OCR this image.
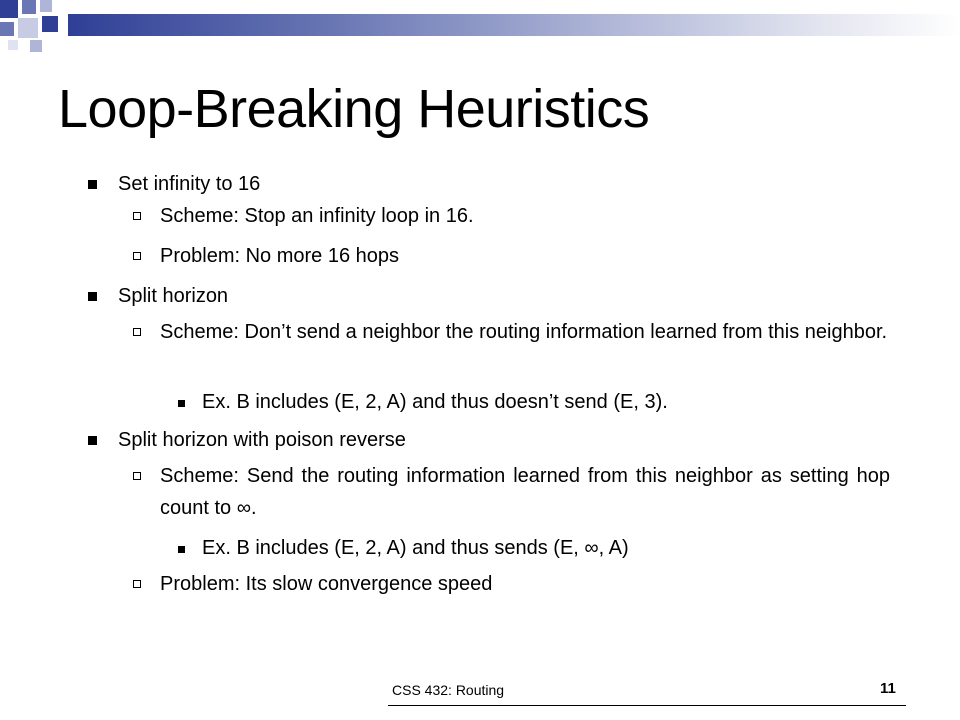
Loop-Breaking Heuristics
Set infinity to 16
Scheme: Stop an infinity loop in 16.
Problem: No more 16 hops
Split horizon
Scheme: Don’t send a neighbor the routing information learned from this neighbor.
Ex. B includes (E, 2, A) and thus doesn’t send (E, 3).
Split horizon with poison reverse
Scheme: Send the routing information learned from this neighbor as setting hop count to ∞.
Ex. B includes (E, 2, A) and thus sends (E, ∞, A)
Problem: Its slow convergence speed
CSS 432: Routing	11
